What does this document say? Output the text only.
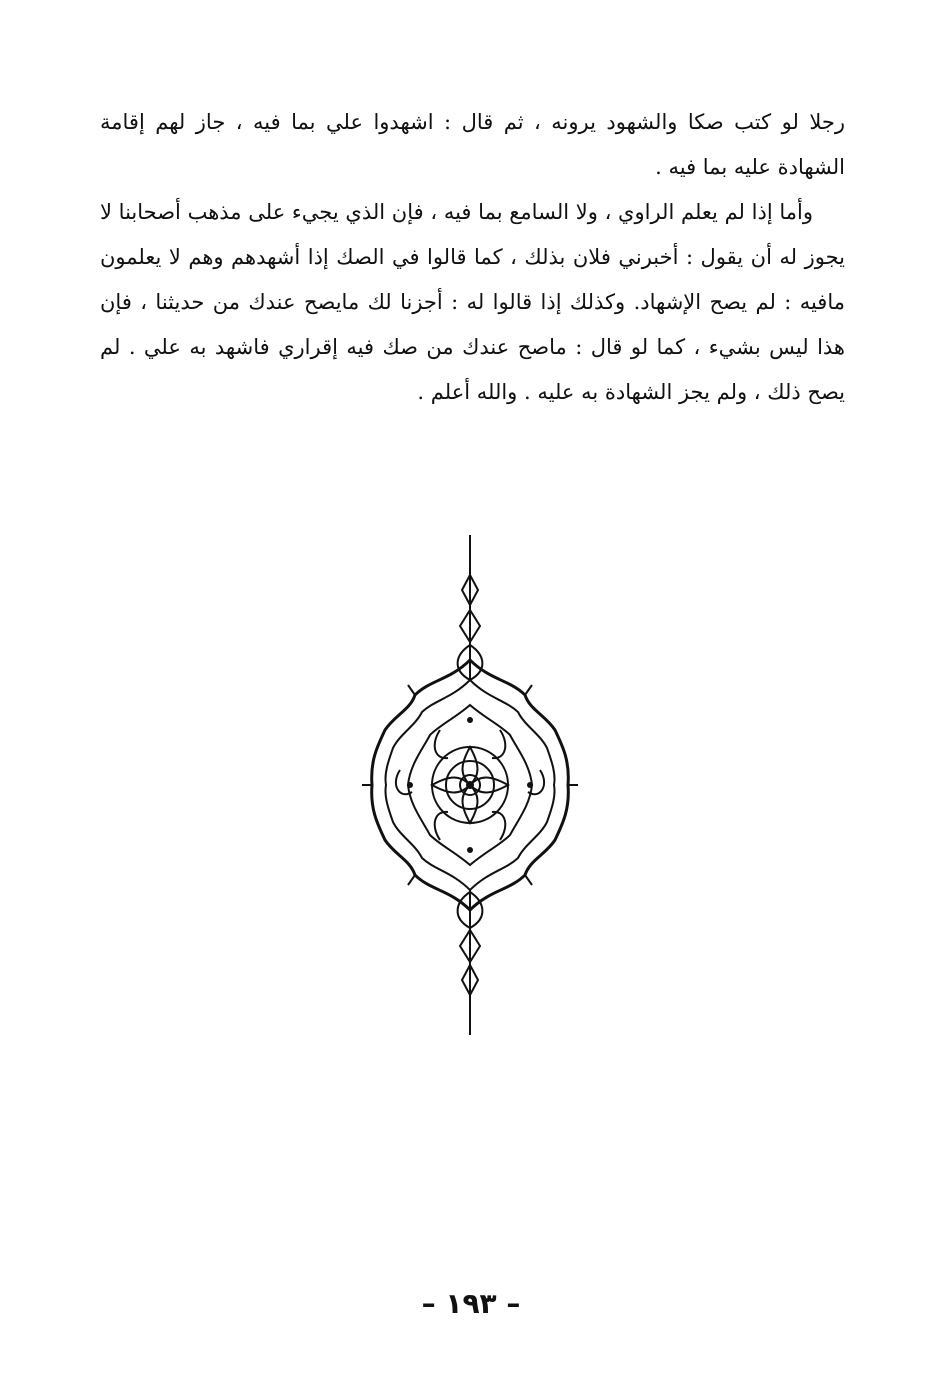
رجلا لو كتب صكا والشهود يرونه ، ثم قال : اشهدوا علي بما فيه ، جاز لهم إقامة الشهادة عليه بما فيه .

وأما إذا لم يعلم الراوي ، ولا السامع بما فيه ، فإن الذي يجيء على مذهب أصحابنا لا يجوز له أن يقول : أخبرني فلان بذلك ، كما قالوا في الصك إذا أشهدهم وهم لا يعلمون مافيه : لم يصح الإشهاد. وكذلك إذا قالوا له : أجزنا لك مايصح عندك من حديثنا ، فإن هذا ليس بشيء ، كما لو قال : ماصح عندك من صك فيه إقراري فاشهد به علي . لم يصح ذلك ، ولم يجز الشهادة به عليه . والله أعلم .

– ١٩٣ –
